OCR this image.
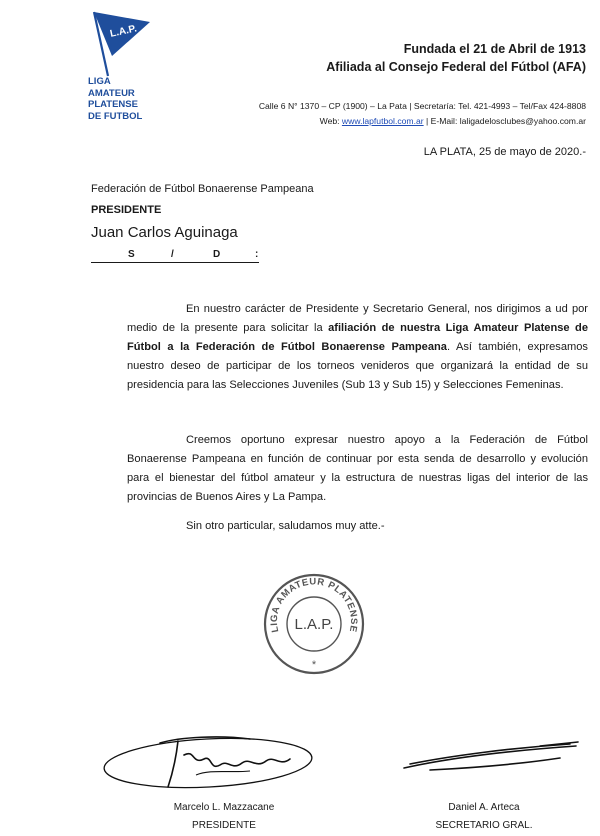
L.A.P.
LIGA
AMATEUR
PLATENSE
DE FUTBOL
Fundada el 21 de Abril de 1913
Afiliada al Consejo Federal del Fútbol (AFA)
Calle 6 N° 1370 – CP (1900) – La Pata | Secretaría: Tel. 421-4993 – Tel/Fax 424-8808
Web: www.lapfutbol.com.ar | E-Mail: laligadelosclubes@yahoo.com.ar
LA PLATA, 25 de mayo de 2020.-
Federación de Fútbol Bonaerense Pampeana
PRESIDENTE
Juan Carlos Aguinaga
S	/	D	:
En nuestro carácter de Presidente y Secretario General, nos dirigimos a ud por medio de la presente para solicitar la afiliación de nuestra Liga Amateur Platense de Fútbol a la Federación de Fútbol Bonaerense Pampeana. Así también, expresamos nuestro deseo de participar de los torneos venideros que organizará la entidad de su presidencia para las Selecciones Juveniles (Sub 13 y Sub 15) y Selecciones Femeninas.
Creemos oportuno expresar nuestro apoyo a la Federación de Fútbol Bonaerense Pampeana en función de continuar por esta senda de desarrollo y evolución para el bienestar del fútbol amateur y la estructura de nuestras ligas del interior de las provincias de Buenos Aires y La Pampa.
Sin otro particular, saludamos muy atte.-
LIGA AMATEUR PLATENSE
L.A.P.
*
Marcelo L. Mazzacane
PRESIDENTE
Daniel A. Arteca
SECRETARIO GRAL.
